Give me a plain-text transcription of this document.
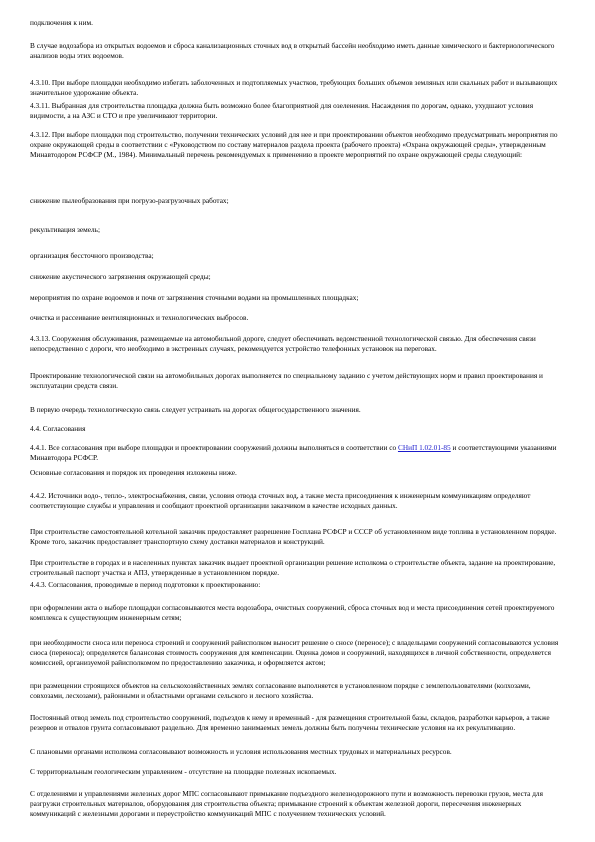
подключения к ним.

В случае водозабора из открытых водоемов и сброса канализационных сточных вод в открытый бассейн необходимо иметь данные химического и бактериологического анализов воды этих водоемов.

4.3.10. При выборе площадки необходимо избегать заболоченных и подтопляемых участков, требующих больших объемов земляных или скальных работ и вызывающих значительное удорожание объекта.

4.3.11. Выбранная для строительства площадка должна быть возможно более благоприятной для озеленения. Насаждения по дорогам, однако, ухудшают условия видимости, а на АЗС и СТО и пре увеличивают территории.

4.3.12. При выборе площадки под строительство, получении технических условий для нее и при проектировании объектов необходимо предусматривать мероприятия по охране окружающей среды в соответствии с «Руководством по составу материалов раздела проекта (рабочего проекта) «Охрана окружающей среды», утвержденным Минавтодором РСФСР (М., 1984). Минимальный перечень рекомендуемых к применению в проекте мероприятий по охране окружающей среды следующий:

снижение пылеобразования при погрузо-разгрузочных работах;

рекультивация земель;

организация бессточного производства;

снижение акустического загрязнения окружающей среды;

мероприятия по охране водоемов и почв от загрязнения сточными водами на промышленных площадках;

очистка и рассеивание вентиляционных и технологических выбросов.

4.3.13. Сооружения обслуживания, размещаемые на автомобильной дороге, следует обеспечивать ведомственной технологической связью. Для обеспечения связи непосредственно с дороги, что необходимо в экстренных случаях, рекомендуется устройство телефонных установок на переговах.

Проектирование технологической связи на автомобильных дорогах выполняется по специальному заданию с учетом действующих норм и правил проектирования и эксплуатации средств связи.

В первую очередь технологическую связь следует устраивать на дорогах общегосударственного значения.

4.4. Согласования

4.4.1. Все согласования при выборе площадки и проектировании сооружений должны выполняться в соответствии со СНиП 1.02.01-85 и соответствующими указаниями Минавтодора РСФСР.

Основные согласования и порядок их проведения изложены ниже.

4.4.2. Источники водо-, тепло-, электроснабжения, связи, условия отвода сточных вод, а также места присоединения к инженерным коммуникациям определяют соответствующие службы и управления и сообщают проектной организации заказчиком в качестве исходных данных.

При строительстве самостоятельной котельной заказчик предоставляет разрешение Госплана РСФСР и СССР об установленном виде топлива в установленном порядке. Кроме того, заказчик предоставляет транспортную схему доставки материалов и конструкций.

При строительстве в городах и в населенных пунктах заказчик выдает проектной организации решение исполкома о строительстве объекта, задание на проектирование, строительный паспорт участка и АПЗ, утвержденные в установленном порядке.

4.4.3. Согласования, проводимые в период подготовки к проектированию:

при оформлении акта о выборе площадки согласовываются места водозабора, очистных сооружений, сброса сточных вод и места присоединения сетей проектируемого комплекса к существующим инженерным сетям;

при необходимости сноса или переноса строений и сооружений райисполком выносит решение о сносе (переносе); с владельцами сооружений согласовываются условия сноса (переноса); определяется балансовая стоимость сооружения для компенсации. Оценка домов и сооружений, находящихся в личной собственности, определяется комиссией, организуемой райисполкомом по предоставлению заказчика, и оформляется актом;

при размещении строящихся объектов на сельскохозяйственных землях согласование выполняется в установленном порядке с землепользователями (колхозами, совхозами, лесхозами), районными и областными органами сельского и лесного хозяйства.

Постоянный отвод земель под строительство сооружений, подъездов к нему и временный - для размещения строительной базы, складов, разработки карьеров, а также резервов и отвалов грунта согласовывают раздельно. Для временно занимаемых земель должны быть получены технические условия на их рекультивацию.

С плановыми органами исполкома согласовывают возможность и условия использования местных трудовых и материальных ресурсов.

С территориальным геологическим управлением - отсутствие на площадке полезных ископаемых.

С отделениями и управлениями железных дорог МПС согласовывают примыкание подъездного железнодорожного пути и возможность перевозки грузов, места для разгрузки строительных материалов, оборудования для строительства объекта; примыкание строений к объектам железной дороги, пересечения инженерных коммуникаций с железными дорогами и переустройство коммуникаций МПС с получением технических условий.
